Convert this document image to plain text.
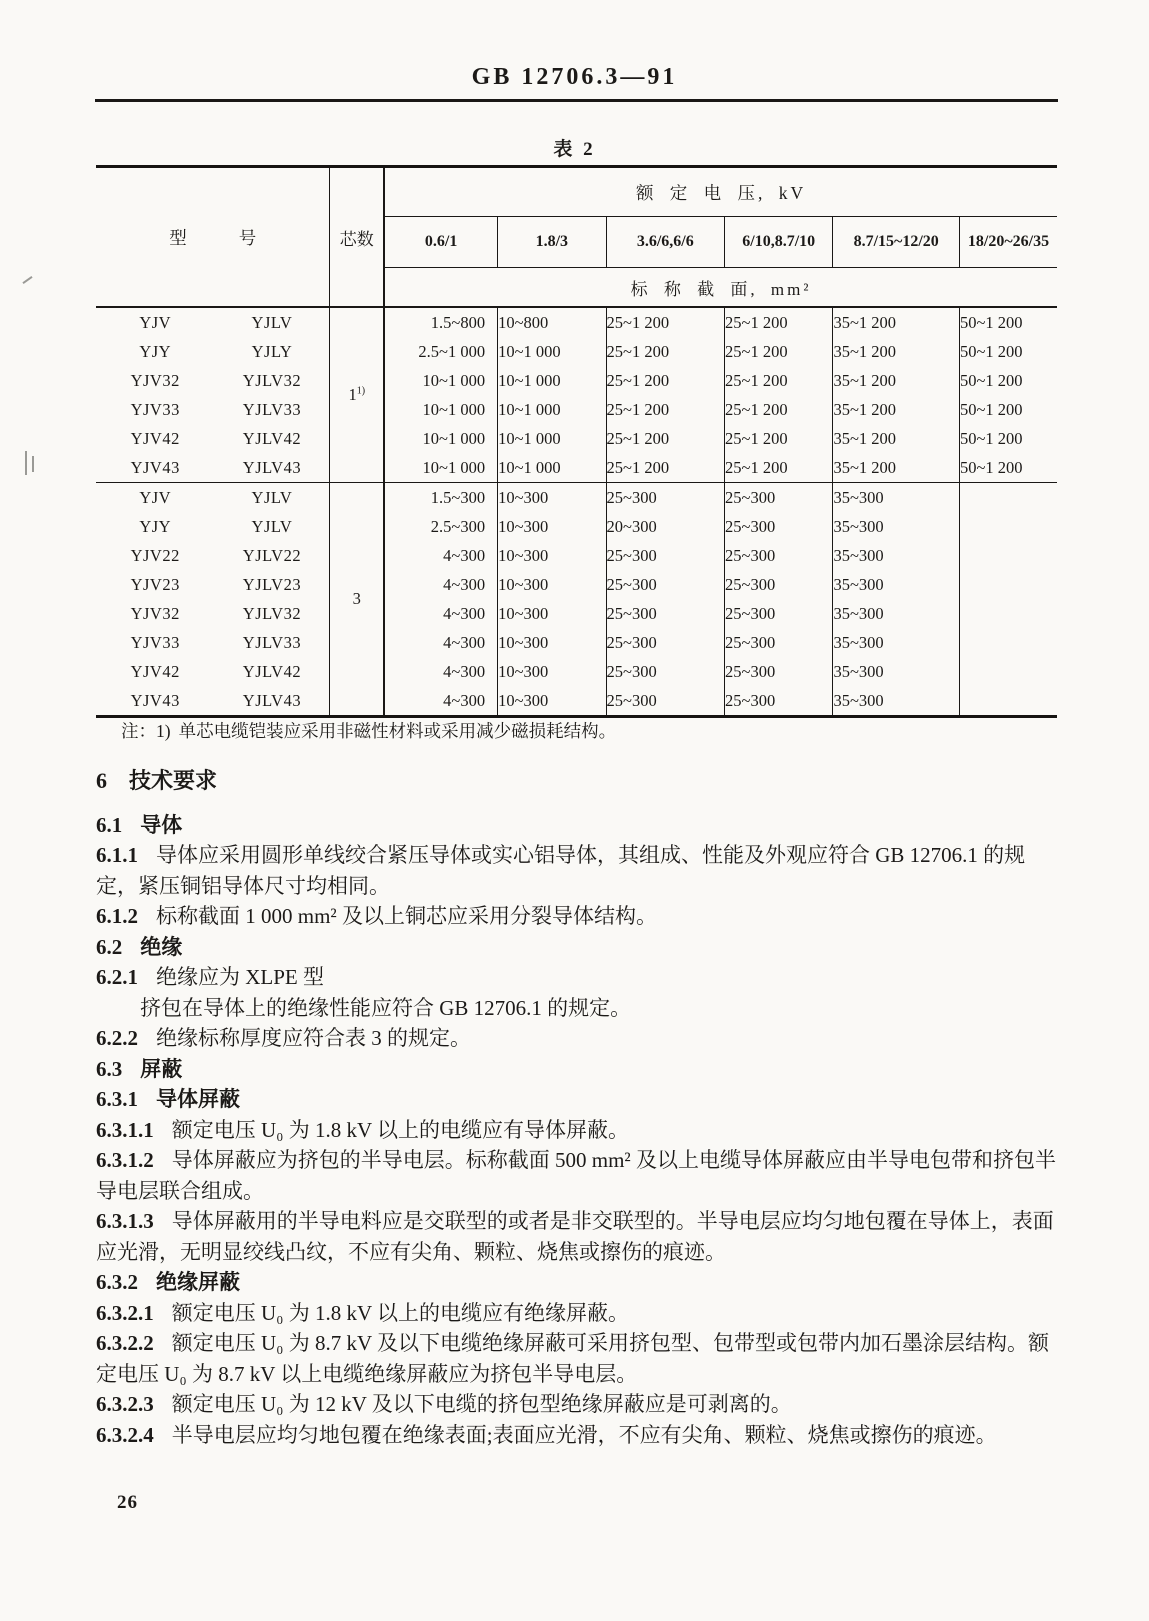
GB 12706.3—91
表 2
型 号		芯数	额 定 电 压, kV					
			0.6/1	1.8/3	3.6/6,6/6	6/10,8.7/10	8.7/15~12/20	18/20~26/35
			标 称 截 面, mm²					
YJV	YJLV	1$^{1)}$	1.5~800	10~800	25~1 200	25~1 200	35~1 200	50~1 200
YJY	YJLY		2.5~1 000	10~1 000	25~1 200	25~1 200	35~1 200	50~1 200
YJV32	YJLV32		10~1 000	10~1 000	25~1 200	25~1 200	35~1 200	50~1 200
YJV33	YJLV33		10~1 000	10~1 000	25~1 200	25~1 200	35~1 200	50~1 200
YJV42	YJLV42		10~1 000	10~1 000	25~1 200	25~1 200	35~1 200	50~1 200
YJV43	YJLV43		10~1 000	10~1 000	25~1 200	25~1 200	35~1 200	50~1 200
YJV	YJLV	3	1.5~300	10~300	25~300	25~300	35~300	
YJY	YJLV		2.5~300	10~300	20~300	25~300	35~300	
YJV22	YJLV22		4~300	10~300	25~300	25~300	35~300	
YJV23	YJLV23		4~300	10~300	25~300	25~300	35~300	
YJV32	YJLV32		4~300	10~300	25~300	25~300	35~300	
YJV33	YJLV33		4~300	10~300	25~300	25~300	35~300	
YJV42	YJLV42		4~300	10~300	25~300	25~300	35~300	
YJV43	YJLV43		4~300	10~300	25~300	25~300	35~300	
注：1) 单芯电缆铠装应采用非磁性材料或采用减少磁损耗结构。
6 技术要求
6.1 导体
6.1.1 导体应采用圆形单线绞合紧压导体或实心铝导体，其组成、性能及外观应符合 GB 12706.1 的规定，紧压铜铝导体尺寸均相同。
6.1.2 标称截面 1 000 mm² 及以上铜芯应采用分裂导体结构。
6.2 绝缘
6.2.1 绝缘应为 XLPE 型
挤包在导体上的绝缘性能应符合 GB 12706.1 的规定。
6.2.2 绝缘标称厚度应符合表 3 的规定。
6.3 屏蔽
6.3.1 导体屏蔽
6.3.1.1 额定电压 U₀ 为 1.8 kV 以上的电缆应有导体屏蔽。
6.3.1.2 导体屏蔽应为挤包的半导电层。标称截面 500 mm² 及以上电缆导体屏蔽应由半导电包带和挤包半导电层联合组成。
6.3.1.3 导体屏蔽用的半导电料应是交联型的或者是非交联型的。半导电层应均匀地包覆在导体上，表面应光滑，无明显绞线凸纹，不应有尖角、颗粒、烧焦或擦伤的痕迹。
6.3.2 绝缘屏蔽
6.3.2.1 额定电压 U₀ 为 1.8 kV 以上的电缆应有绝缘屏蔽。
6.3.2.2 额定电压 U₀ 为 8.7 kV 及以下电缆绝缘屏蔽可采用挤包型、包带型或包带内加石墨涂层结构。额定电压 U₀ 为 8.7 kV 以上电缆绝缘屏蔽应为挤包半导电层。
6.3.2.3 额定电压 U₀ 为 12 kV 及以下电缆的挤包型绝缘屏蔽应是可剥离的。
6.3.2.4 半导电层应均匀地包覆在绝缘表面;表面应光滑，不应有尖角、颗粒、烧焦或擦伤的痕迹。
26
